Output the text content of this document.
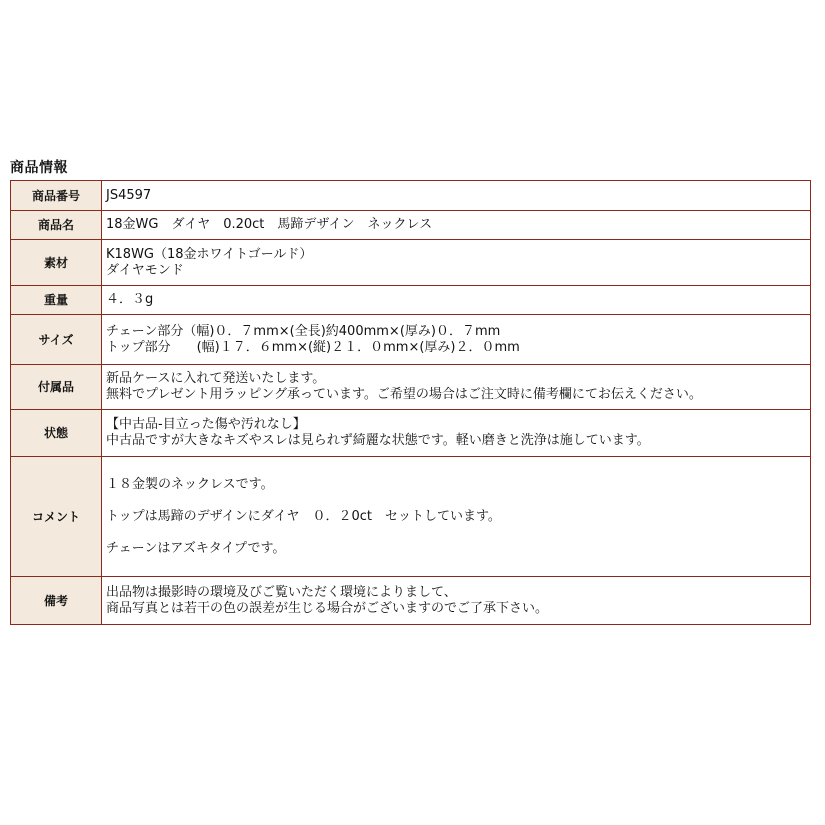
商品情報
商品番号	JS4597

商品名	18金WG　ダイヤ　0.20ct　馬蹄デザイン　ネックレス

素材	K18WG（18金ホワイトゴールド）
ダイヤモンド

重量	４．３g

サイズ	チェーン部分（幅)０．７mm×(全長)約400mm×(厚み)０．７mm
トップ部分　　(幅)１７．６mm×(縦)２１．０mm×(厚み)２．０mm

付属品	新品ケースに入れて発送いたします。
無料でプレゼント用ラッピング承っています。ご希望の場合はご注文時に備考欄にてお伝えください。

状態	【中古品-目立った傷や汚れなし】
中古品ですが大きなキズやスレは見られず綺麗な状態です。軽い磨きと洗浄は施しています。

コメント	１８金製のネックレスです。
トップは馬蹄のデザインにダイヤ　０．２0ct　セットしています。
チェーンはアズキタイプです。

備考	出品物は撮影時の環境及びご覧いただく環境によりまして、
商品写真とは若干の色の誤差が生じる場合がございますのでご了承下さい。
